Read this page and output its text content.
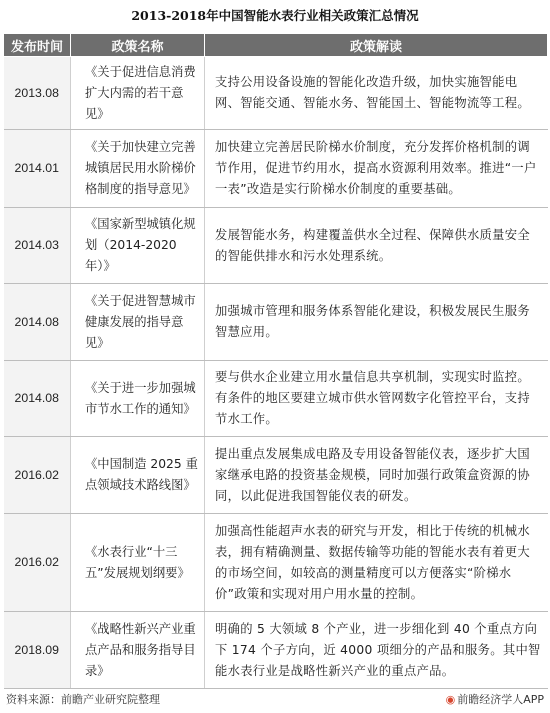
2013-2018年中国智能水表行业相关政策汇总情况
发布时间	政策名称	政策解读
2013.08	《关于促进信息消费扩大内需的若干意见》	支持公用设备设施的智能化改造升级，加快实施智能电网、智能交通、智能水务、智能国土、智能物流等工程。
2014.01	《关于加快建立完善城镇居民用水阶梯价格制度的指导意见》	加快建立完善居民阶梯水价制度，充分发挥价格机制的调节作用，促进节约用水，提高水资源利用效率。推进“一户一表”改造是实行阶梯水价制度的重要基础。
2014.03	《国家新型城镇化规划（2014-2020年）》	发展智能水务，构建覆盖供水全过程、保障供水质量安全的智能供排水和污水处理系统。
2014.08	《关于促进智慧城市健康发展的指导意见》	加强城市管理和服务体系智能化建设，积极发展民生服务智慧应用。
2014.08	《关于进一步加强城市节水工作的通知》	要与供水企业建立用水量信息共享机制，实现实时监控。有条件的地区要建立城市供水管网数字化管控平台，支持节水工作。
2016.02	《中国制造 2025 重点领域技术路线图》	提出重点发展集成电路及专用设备智能仪表，逐步扩大国家继承电路的投资基金规模，同时加强行政策盒资源的协同，以此促进我国智能仪表的研发。
2016.02	《水表行业“十三五”发展规划纲要》	加强高性能超声水表的研究与开发，相比于传统的机械水表，拥有精确测量、数据传输等功能的智能水表有着更大的市场空间，如较高的测量精度可以方便落实“阶梯水价”政策和实现对用户用水量的控制。
2018.09	《战略性新兴产业重点产品和服务指导目录》	明确的 5 大领域 8 个产业，进一步细化到 40 个重点方向下 174 个子方向，近 4000 项细分的产品和服务。其中智能水表行业是战略性新兴产业的重点产品。
资料来源：前瞻产业研究院整理	◉ 前瞻经济学人APP
